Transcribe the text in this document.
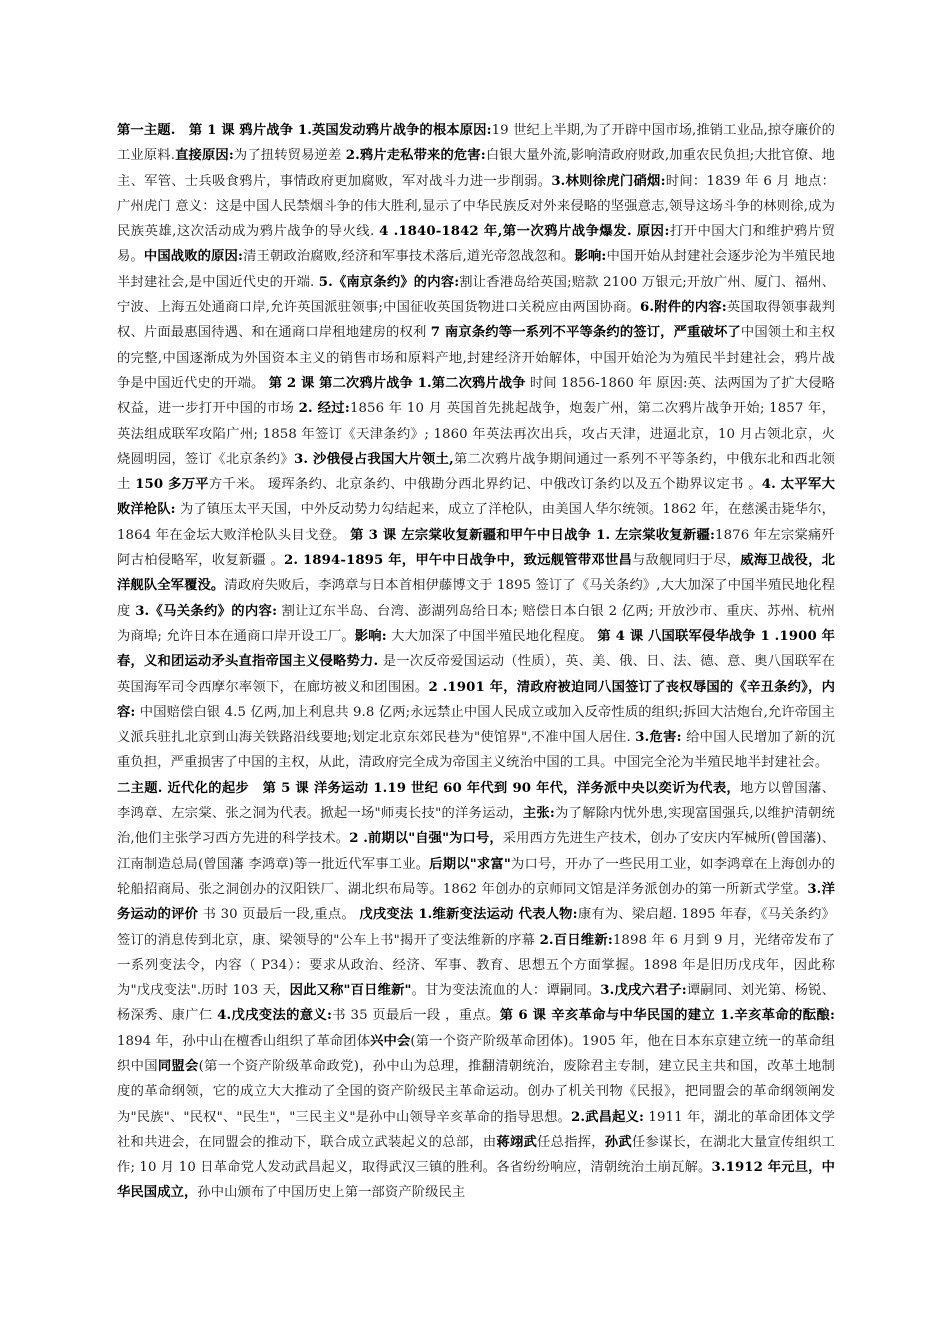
第一主题.　第 1 课 鸦片战争 1.英国发动鸦片战争的根本原因:19 世纪上半期,为了开辟中国市场,推销工业品,掠夺廉价的工业原料.直接原因:为了扭转贸易逆差 2.鸦片走私带来的危害:白银大量外流,影响清政府财政,加重农民负担;大批官僚、地主、军管、士兵吸食鸦片，事情政府更加腐败，军对战斗力进一步削弱。3.林则徐虎门硝烟:时间：1839 年 6 月 地点：广州虎门 意义：这是中国人民禁烟斗争的伟大胜利,显示了中华民族反对外来侵略的坚强意志,领导这场斗争的林则徐,成为民族英雄,这次活动成为鸦片战争的导火线. 4 .1840-1842 年,第一次鸦片战争爆发. 原因:打开中国大门和维护鸦片贸易。中国战败的原因:清王朝政治腐败,经济和军事技术落后,道光帝忽战忽和。影响:中国开始从封建社会逐步沦为半殖民地半封建社会,是中国近代史的开端. 5.《南京条约》的内容:割让香港岛给英国;赔款 2100 万银元;开放广州、厦门、福州、宁波、上海五处通商口岸,允许英国派驻领事;中国征收英国货物进口关税应由两国协商。6.附件的内容:英国取得领事裁判权、片面最惠国待遇、和在通商口岸租地建房的权利 7 南京条约等一系列不平等条约的签订，严重破坏了中国领土和主权的完整,中国逐渐成为外国资本主义的销售市场和原料产地,封建经济开始解体，中国开始沦为为殖民半封建社会，鸦片战争是中国近代史的开端。 第 2 课 第二次鸦片战争 1.第二次鸦片战争 时间 1856-1860 年 原因:英、法两国为了扩大侵略权益，进一步打开中国的市场 2. 经过:1856 年 10 月 英国首先挑起战争，炮轰广州，第二次鸦片战争开始; 1857 年，英法组成联军攻陷广州; 1858 年签订《天津条约》; 1860 年英法再次出兵，攻占天津，进逼北京，10 月占领北京，火烧圆明园，签订《北京条约》3. 沙俄侵占我国大片领土,第二次鸦片战争期间通过一系列不平等条约，中俄东北和西北领土 150 多万平方千米。 瑷珲条约、北京条约、中俄勘分西北界约记、中俄改订条约以及五个勘界议定书 。4. 太平军大败洋枪队: 为了镇压太平天国，中外反动势力勾结起来，成立了洋枪队，由美国人华尔统领。1862 年，在慈溪击毙华尔，1864 年在金坛大败洋枪队头目戈登。 第 3 课 左宗棠收复新疆和甲午中日战争 1. 左宗棠收复新疆:1876 年左宗棠痛歼阿古柏侵略军，收复新疆 。2. 1894-1895 年，甲午中日战争中，致远舰管带邓世昌与敌舰同归于尽，威海卫战役，北洋舰队全军覆没。清政府失败后，李鸿章与日本首相伊藤博文于 1895 签订了《马关条约》,大大加深了中国半殖民地化程度 3.《马关条约》的内容: 割让辽东半岛、台湾、澎湖列岛给日本; 赔偿日本白银 2 亿两; 开放沙市、重庆、苏州、杭州为商埠; 允许日本在通商口岸开设工厂。影响: 大大加深了中国半殖民地化程度。 第 4 课 八国联军侵华战争 1 .1900 年春，义和团运动矛头直指帝国主义侵略势力. 是一次反帝爱国运动（性质），英、美、俄、日、法、德、意、奥八国联军在英国海军司令西摩尔率领下，在廊坊被义和团围困。2 .1901 年，清政府被迫同八国签订了丧权辱国的《辛丑条约》，内容: 中国赔偿白银 4.5 亿两,加上利息共 9.8 亿两;永远禁止中国人民成立或加入反帝性质的组织;拆回大沽炮台,允许帝国主义派兵驻扎北京到山海关铁路沿线要地;划定北京东郊民巷为"使馆界",不准中国人居住. 3.危害: 给中国人民增加了新的沉重负担，严重损害了中国的主权，从此，清政府完全成为帝国主义统治中国的工具。中国完全沦为半殖民地半封建社会。　 二主题. 近代化的起步　第 5 课 洋务运动 1.19 世纪 60 年代到 90 年代，洋务派中央以奕䜣为代表，地方以曾国藩、李鸿章、左宗棠、张之洞为代表。掀起一场"师夷长技"的洋务运动，主张:为了解除内忧外患,实现富国强兵,以维护清朝统治,他们主张学习西方先进的科学技术。2 .前期以"自强"为口号，采用西方先进生产技术，创办了安庆内军械所(曾国藩)、江南制造总局(曾国藩 李鸿章)等一批近代军事工业。后期以"求富"为口号，开办了一些民用工业，如李鸿章在上海创办的轮船招商局、张之洞创办的汉阳铁厂、湖北织布局等。1862 年创办的京师同文馆是洋务派创办的第一所新式学堂。3.洋务运动的评价 书 30 页最后一段,重点。 戊戌变法 1.维新变法运动 代表人物:康有为、梁启超. 1895 年春，《马关条约》签订的消息传到北京，康、梁领导的"公车上书"揭开了变法维新的序幕 2.百日维新:1898 年 6 月到 9 月，光绪帝发布了一系列变法令，内容（ P34）：要求从政治、经济、军事、教育、思想五个方面掌握。1898 年是旧历戊戌年，因此称为"戊戌变法".历时 103 天，因此又称"百日维新"。甘为变法流血的人：谭嗣同。3.戊戌六君子:谭嗣同、刘光第、杨锐、杨深秀、康广仁 4.戊戌变法的意义:书 35 页最后一段 ，重点。第 6 课 辛亥革命与中华民国的建立 1.辛亥革命的酝酿: 1894 年，孙中山在檀香山组织了革命团体兴中会(第一个资产阶级革命团体)。1905 年，他在日本东京建立统一的革命组织中国同盟会(第一个资产阶级革命政党)，孙中山为总理，推翻清朝统治，废除君主专制，建立民主共和国，改革土地制度的革命纲领，它的成立大大推动了全国的资产阶级民主革命运动。创办了机关刊物《民报》，把同盟会的革命纲领阐发为"民族"、"民权"、"民生"，"三民主义"是孙中山领导辛亥革命的指导思想。2.武昌起义: 1911 年，湖北的革命团体文学社和共进会，在同盟会的推动下，联合成立武装起义的总部，由蒋翊武任总指挥，孙武任参谋长，在湖北大量宣传组织工作; 10 月 10 日革命党人发动武昌起义，取得武汉三镇的胜利。各省纷纷响应，清朝统治土崩瓦解。3.1912 年元旦，中华民国成立，孙中山颁布了中国历史上第一部资产阶级民主
